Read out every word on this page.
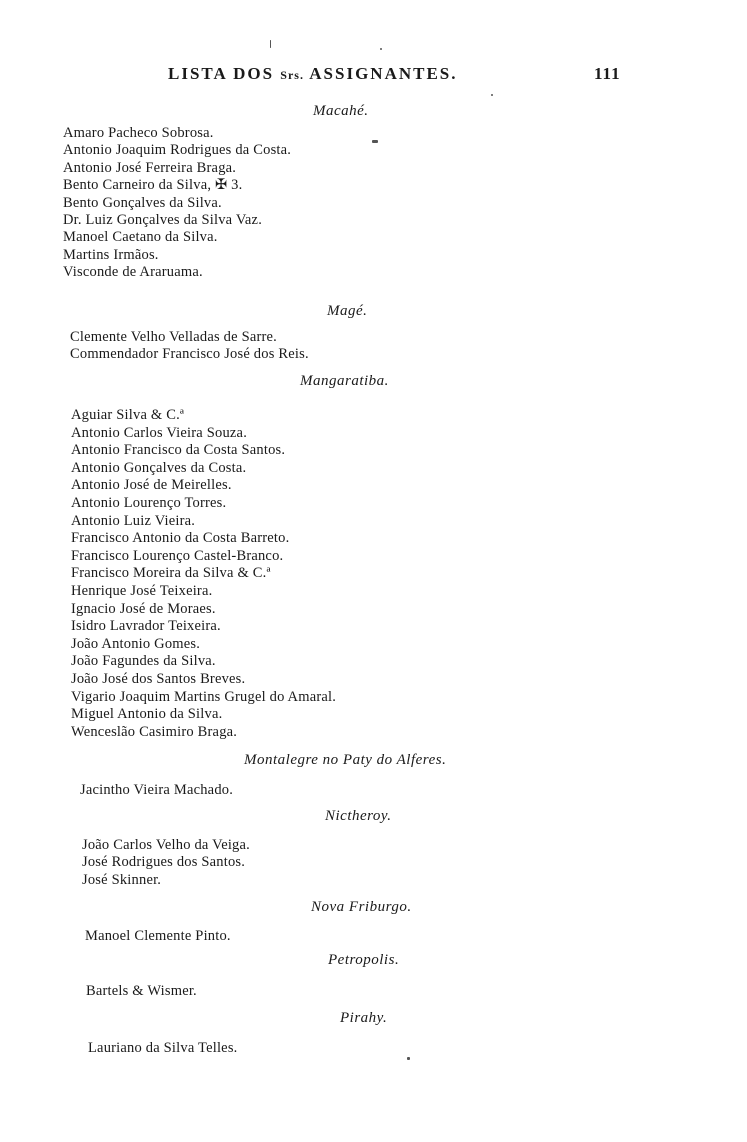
LISTA DOS Srs. ASSIGNANTES.	111
Macahé.
Amaro Pacheco Sobrosa.
Antonio Joaquim Rodrigues da Costa.
Antonio José Ferreira Braga.
Bento Carneiro da Silva, ✠ 3.
Bento Gonçalves da Silva.
Dr. Luiz Gonçalves da Silva Vaz.
Manoel Caetano da Silva.
Martins Irmãos.
Visconde de Araruama.
Magé.
Clemente Velho Velladas de Sarre.
Commendador Francisco José dos Reis.
Mangaratiba.
Aguiar Silva & C.ª
Antonio Carlos Vieira Souza.
Antonio Francisco da Costa Santos.
Antonio Gonçalves da Costa.
Antonio José de Meirelles.
Antonio Lourenço Torres.
Antonio Luiz Vieira.
Francisco Antonio da Costa Barreto.
Francisco Lourenço Castel-Branco.
Francisco Moreira da Silva & C.ª
Henrique José Teixeira.
Ignacio José de Moraes.
Isidro Lavrador Teixeira.
João Antonio Gomes.
João Fagundes da Silva.
João José dos Santos Breves.
Vigario Joaquim Martins Grugel do Amaral.
Miguel Antonio da Silva.
Wenceslão Casimiro Braga.
Montalegre no Paty do Alferes.
Jacintho Vieira Machado.
Nictheroy.
João Carlos Velho da Veiga.
José Rodrigues dos Santos.
José Skinner.
Nova Friburgo.
Manoel Clemente Pinto.
Petropolis.
Bartels & Wismer.
Pirahy.
Lauriano da Silva Telles.
